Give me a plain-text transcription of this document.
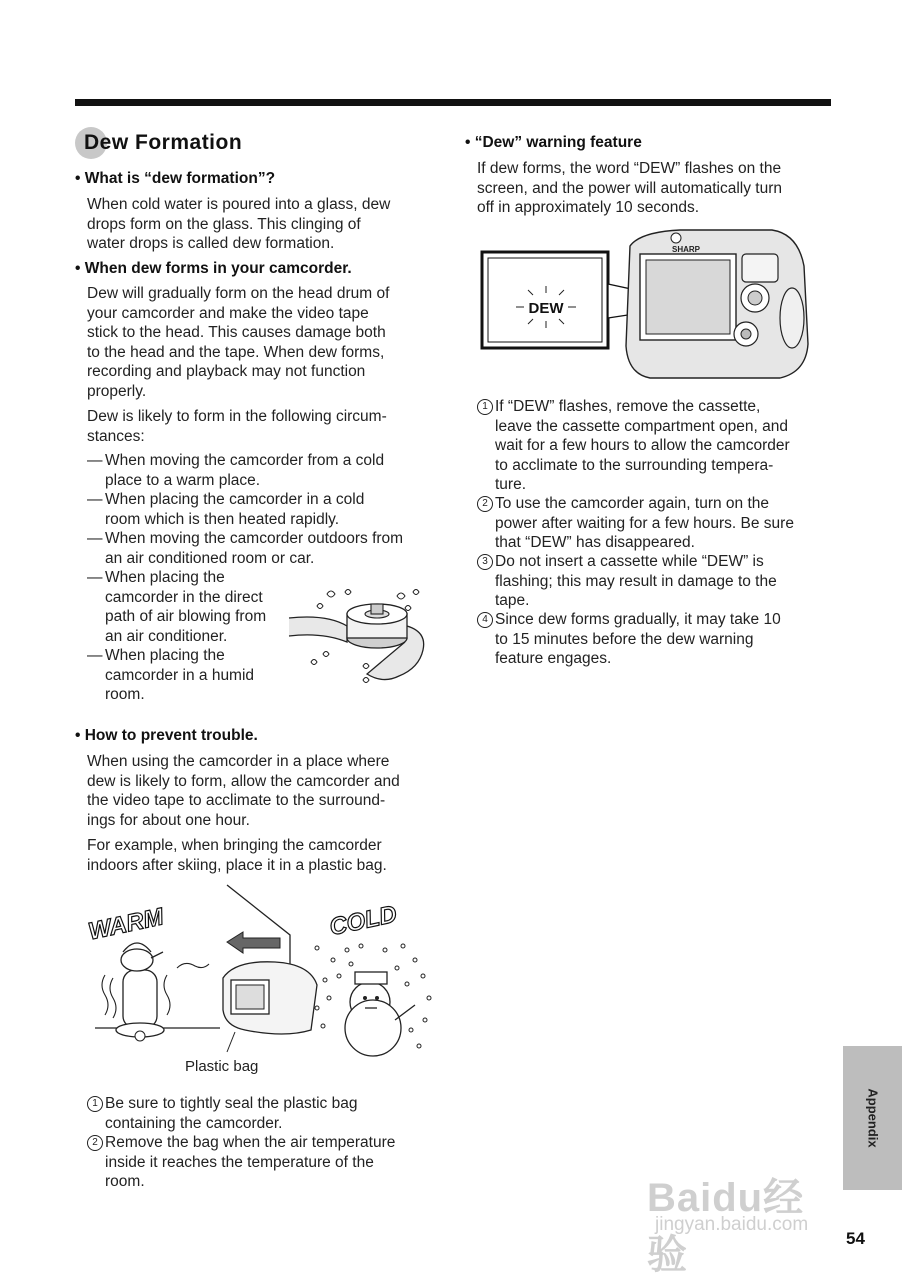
Dew Formation
• What is “dew formation”?
When cold water is poured into a glass, dew
drops form on the glass. This clinging of
water drops is called dew formation.
• When dew forms in your camcorder.
Dew will gradually form on the head drum of
your camcorder and make the video tape
stick to the head. This causes damage both
to the head and the tape. When dew forms,
recording and playback may not function
properly.
Dew is likely to form in the following circum-
stances:
— When moving the camcorder from a cold
place to a warm place.
— When placing the camcorder in a cold
room which is then heated rapidly.
— When moving the camcorder outdoors from
an air conditioned room or car.
— When placing the
camcorder in the direct
path of air blowing from
an air conditioner.
— When placing the
camcorder in a humid
room.
• How to prevent trouble.
When using the camcorder in a place where
dew is likely to form, allow the camcorder and
the video tape to acclimate to the surround-
ings for about one hour.
For example, when bringing the camcorder
indoors after skiing, place it in a plastic bag.
WARM	COLD
Plastic bag
1 Be sure to tightly seal the plastic bag
containing the camcorder.
2 Remove the bag when the air temperature
inside it reaches the temperature of the
room.
• “Dew” warning feature
If dew forms, the word “DEW” flashes on the
screen, and the power will automatically turn
off in approximately 10 seconds.
DEW
SHARP
1 If “DEW” flashes, remove the cassette,
leave the cassette compartment open, and
wait for a few hours to allow the camcorder
to acclimate to the surrounding tempera-
ture.
2 To use the camcorder again, turn on the
power after waiting for a few hours. Be sure
that “DEW” has disappeared.
3 Do not insert a cassette while “DEW” is
flashing; this may result in damage to the
tape.
4 Since dew forms gradually, it may take 10
to 15 minutes before the dew warning
feature engages.
Appendix
Baidu经验
jingyan.baidu.com
54
